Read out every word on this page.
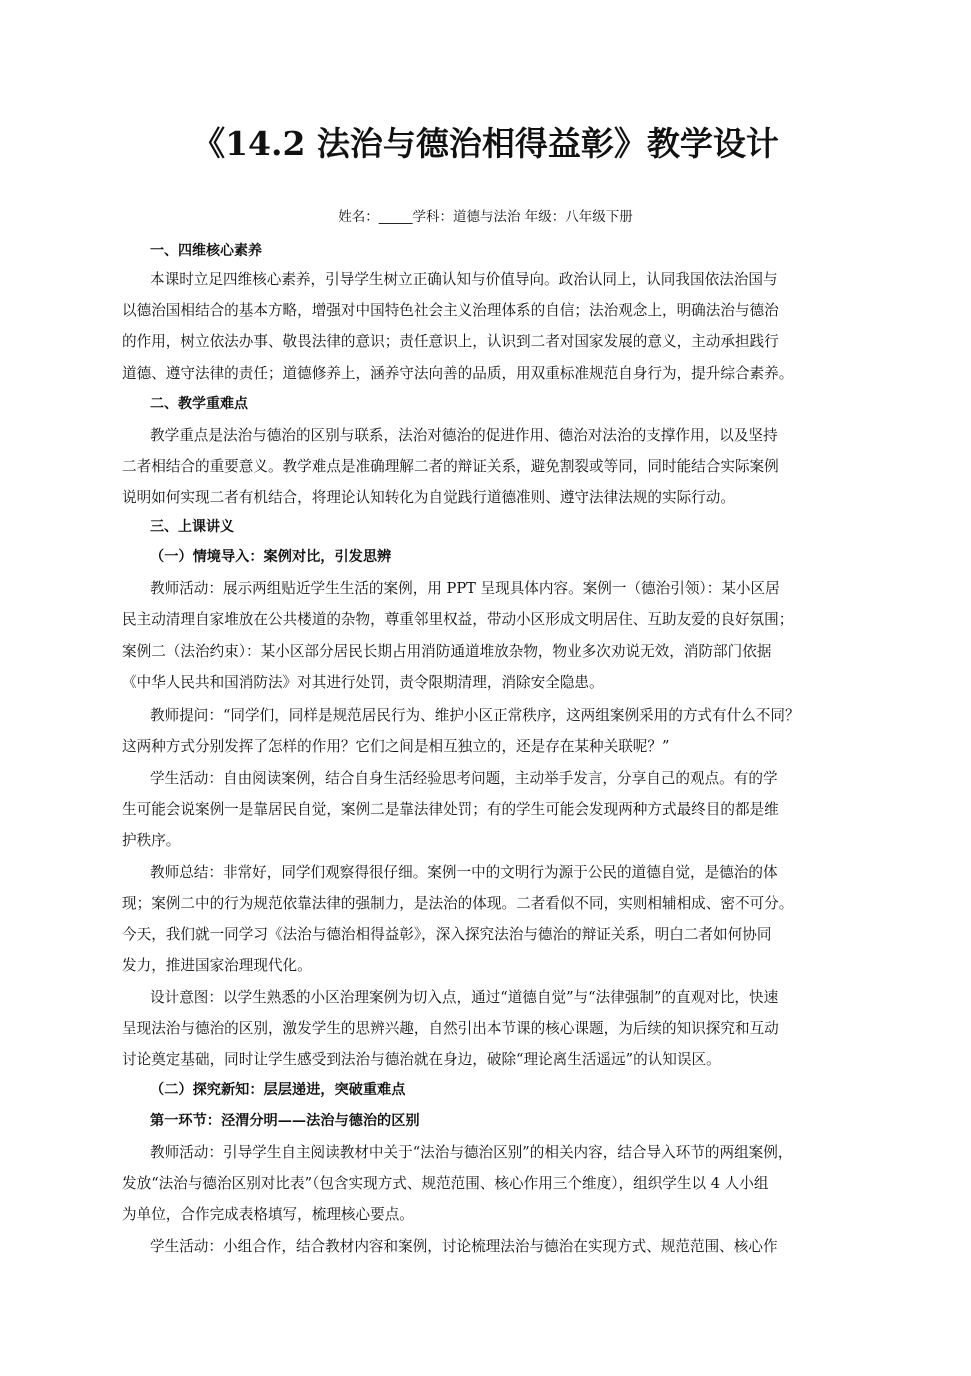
《14.2 法治与德治相得益彰》教学设计
姓名：_____学科：道德与法治 年级：八年级下册
一、四维核心素养
本课时立足四维核心素养，引导学生树立正确认知与价值导向。政治认同上，认同我国依法治国与
以德治国相结合的基本方略，增强对中国特色社会主义治理体系的自信；法治观念上，明确法治与德治
的作用，树立依法办事、敬畏法律的意识；责任意识上，认识到二者对国家发展的意义，主动承担践行
道德、遵守法律的责任；道德修养上，涵养守法向善的品质，用双重标准规范自身行为，提升综合素养。
二、教学重难点
教学重点是法治与德治的区别与联系，法治对德治的促进作用、德治对法治的支撑作用，以及坚持
二者相结合的重要意义。教学难点是准确理解二者的辩证关系，避免割裂或等同，同时能结合实际案例
说明如何实现二者有机结合，将理论认知转化为自觉践行道德准则、遵守法律法规的实际行动。
三、上课讲义
（一）情境导入：案例对比，引发思辨
教师活动：展示两组贴近学生生活的案例，用 PPT 呈现具体内容。案例一（德治引领）：某小区居
民主动清理自家堆放在公共楼道的杂物，尊重邻里权益，带动小区形成文明居住、互助友爱的良好氛围；
案例二（法治约束）：某小区部分居民长期占用消防通道堆放杂物，物业多次劝说无效，消防部门依据
《中华人民共和国消防法》对其进行处罚，责令限期清理，消除安全隐患。
教师提问：“同学们，同样是规范居民行为、维护小区正常秩序，这两组案例采用的方式有什么不同？
这两种方式分别发挥了怎样的作用？它们之间是相互独立的，还是存在某种关联呢？”
学生活动：自由阅读案例，结合自身生活经验思考问题，主动举手发言，分享自己的观点。有的学
生可能会说案例一是靠居民自觉，案例二是靠法律处罚；有的学生可能会发现两种方式最终目的都是维
护秩序。
教师总结：非常好，同学们观察得很仔细。案例一中的文明行为源于公民的道德自觉，是德治的体
现；案例二中的行为规范依靠法律的强制力，是法治的体现。二者看似不同，实则相辅相成、密不可分。
今天，我们就一同学习《法治与德治相得益彰》，深入探究法治与德治的辩证关系，明白二者如何协同
发力，推进国家治理现代化。
设计意图：以学生熟悉的小区治理案例为切入点，通过“道德自觉”与“法律强制”的直观对比，快速
呈现法治与德治的区别，激发学生的思辨兴趣，自然引出本节课的核心课题，为后续的知识探究和互动
讨论奠定基础，同时让学生感受到法治与德治就在身边，破除“理论离生活遥远”的认知误区。
（二）探究新知：层层递进，突破重难点
第一环节：泾渭分明——法治与德治的区别
教师活动：引导学生自主阅读教材中关于“法治与德治区别”的相关内容，结合导入环节的两组案例，
发放“法治与德治区别对比表”（包含实现方式、规范范围、核心作用三个维度），组织学生以 4 人小组
为单位，合作完成表格填写，梳理核心要点。
学生活动：小组合作，结合教材内容和案例，讨论梳理法治与德治在实现方式、规范范围、核心作
